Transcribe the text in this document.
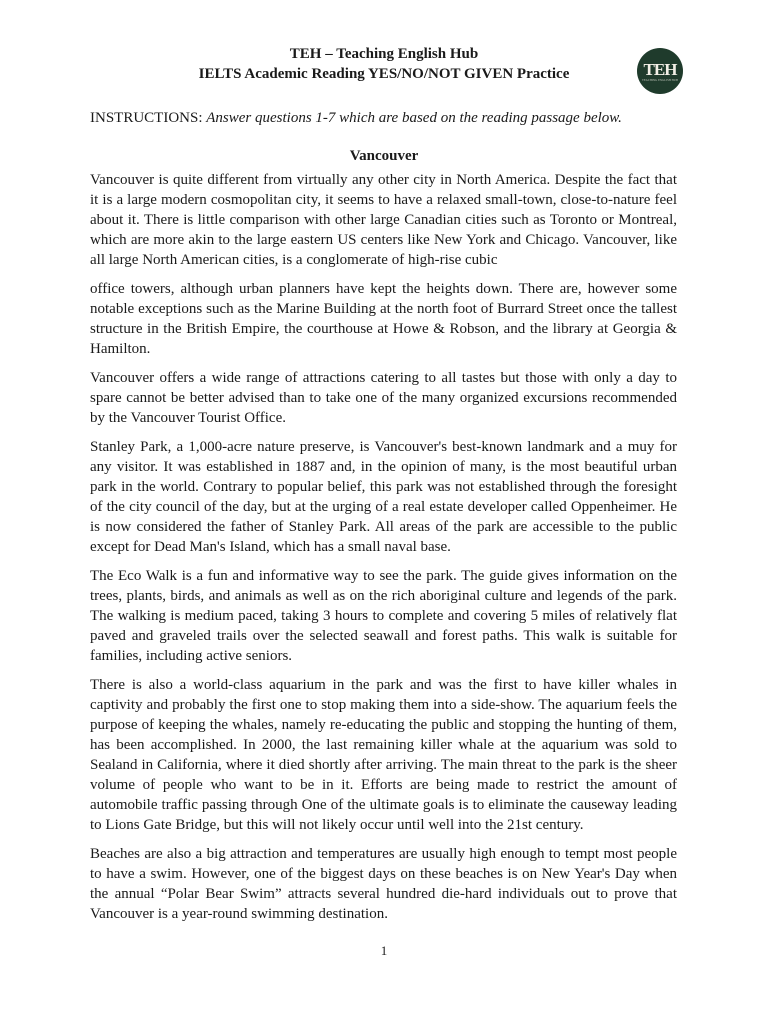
TEH – Teaching English Hub
IELTS Academic Reading YES/NO/NOT GIVEN Practice	TEH
TEACHING ENGLISH HUB
INSTRUCTIONS: Answer questions 1-7 which are based on the reading passage below.
Vancouver

Vancouver is quite different from virtually any other city in North America. Despite the fact that it is a large modern cosmopolitan city, it seems to have a relaxed small-town, close-to-nature feel about it. There is little comparison with other large Canadian cities such as Toronto or Montreal, which are more akin to the large eastern US centers like New York and Chicago. Vancouver, like all large North American cities, is a conglomerate of high-rise cubic

office towers, although urban planners have kept the heights down. There are, however some notable exceptions such as the Marine Building at the north foot of Burrard Street once the tallest structure in the British Empire, the courthouse at Howe & Robson, and the library at Georgia & Hamilton.

Vancouver offers a wide range of attractions catering to all tastes but those with only a day to spare cannot be better advised than to take one of the many organized excursions recommended by the Vancouver Tourist Office.

Stanley Park, a 1,000-acre nature preserve, is Vancouver's best-known landmark and a muy for any visitor. It was established in 1887 and, in the opinion of many, is the most beautiful urban park in the world. Contrary to popular belief, this park was not established through the foresight of the city council of the day, but at the urging of a real estate developer called Oppenheimer. He is now considered the father of Stanley Park. All areas of the park are accessible to the public except for Dead Man's Island, which has a small naval base.

The Eco Walk is a fun and informative way to see the park. The guide gives information on the trees, plants, birds, and animals as well as on the rich aboriginal culture and legends of the park. The walking is medium paced, taking 3 hours to complete and covering 5 miles of relatively flat paved and graveled trails over the selected seawall and forest paths. This walk is suitable for families, including active seniors.

There is also a world-class aquarium in the park and was the first to have killer whales in captivity and probably the first one to stop making them into a side-show. The aquarium feels the purpose of keeping the whales, namely re-educating the public and stopping the hunting of them, has been accomplished. In 2000, the last remaining killer whale at the aquarium was sold to Sealand in California, where it died shortly after arriving. The main threat to the park is the sheer volume of people who want to be in it. Efforts are being made to restrict the amount of automobile traffic passing through One of the ultimate goals is to eliminate the causeway leading to Lions Gate Bridge, but this will not likely occur until well into the 21st century.

Beaches are also a big attraction and temperatures are usually high enough to tempt most people to have a swim. However, one of the biggest days on these beaches is on New Year's Day when the annual “Polar Bear Swim” attracts several hundred die-hard individuals out to prove that Vancouver is a year-round swimming destination.

1
